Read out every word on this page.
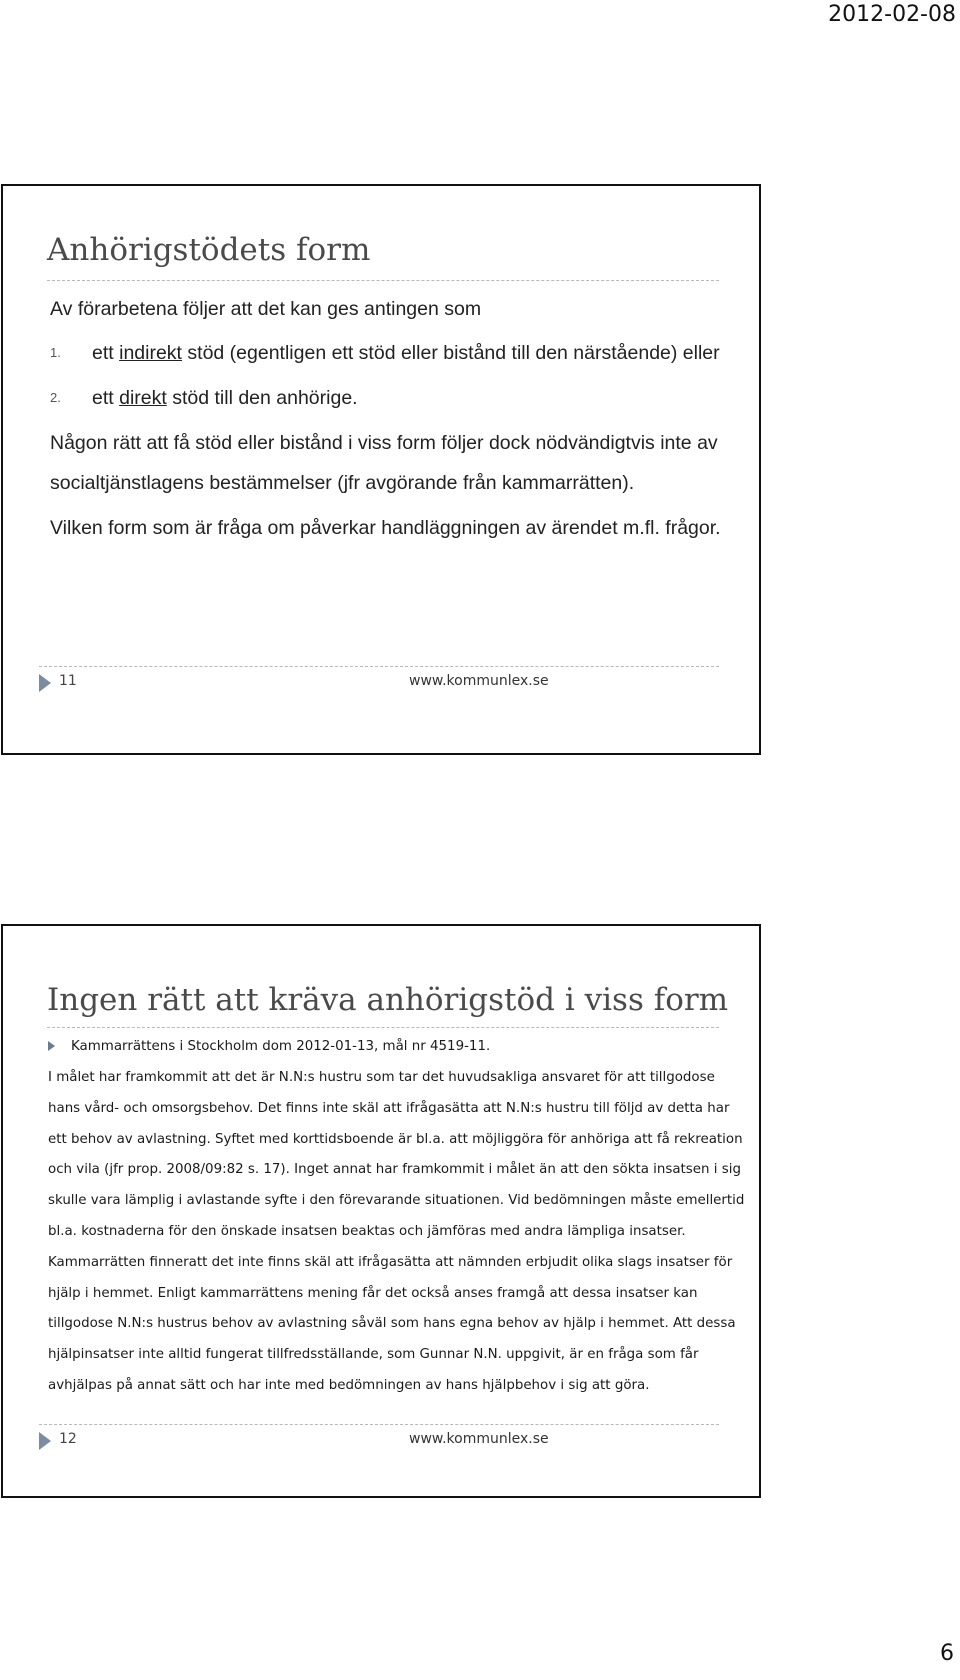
2012-02-08
Anhörigstödets form

Av förarbetena följer att det kan ges antingen som

1.	ett indirekt stöd (egentligen ett stöd eller bistånd till den närstående) eller
2.	ett direkt stöd till den anhörige.

Någon rätt att få stöd eller bistånd i viss form följer dock nödvändigtvis inte av socialtjänstlagens bestämmelser (jfr avgörande från kammarrätten).

Vilken form som är fråga om påverkar handläggningen av ärendet m.fl. frågor.

11	www.kommunlex.se
Ingen rätt att kräva anhörigstöd i viss form
Kammarrättens i Stockholm dom 2012-01-13, mål nr 4519-11.

I målet har framkommit att det är N.N:s hustru som tar det huvudsakliga ansvaret för att tillgodose hans vård- och omsorgsbehov. Det finns inte skäl att ifrågasätta att N.N:s hustru till följd av detta har ett behov av avlastning. Syftet med korttidsboende är bl.a. att möjliggöra för anhöriga att få rekreation och vila (jfr prop. 2008/09:82 s. 17). Inget annat har framkommit i målet än att den sökta insatsen i sig skulle vara lämplig i avlastande syfte i den förevarande situationen. Vid bedömningen måste emellertid bl.a. kostnaderna för den önskade insatsen beaktas och jämföras med andra lämpliga insatser. Kammarrätten finneratt det inte finns skäl att ifrågasätta att nämnden erbjudit olika slags insatser för hjälp i hemmet. Enligt kammarrättens mening får det också anses framgå att dessa insatser kan tillgodose N.N:s hustrus behov av avlastning såväl som hans egna behov av hjälp i hemmet. Att dessa hjälpinsatser inte alltid fungerat tillfredsställande, som Gunnar N.N. uppgivit, är en fråga som får avhjälpas på annat sätt och har inte med bedömningen av hans hjälpbehov i sig att göra.

12	www.kommunlex.se
6
